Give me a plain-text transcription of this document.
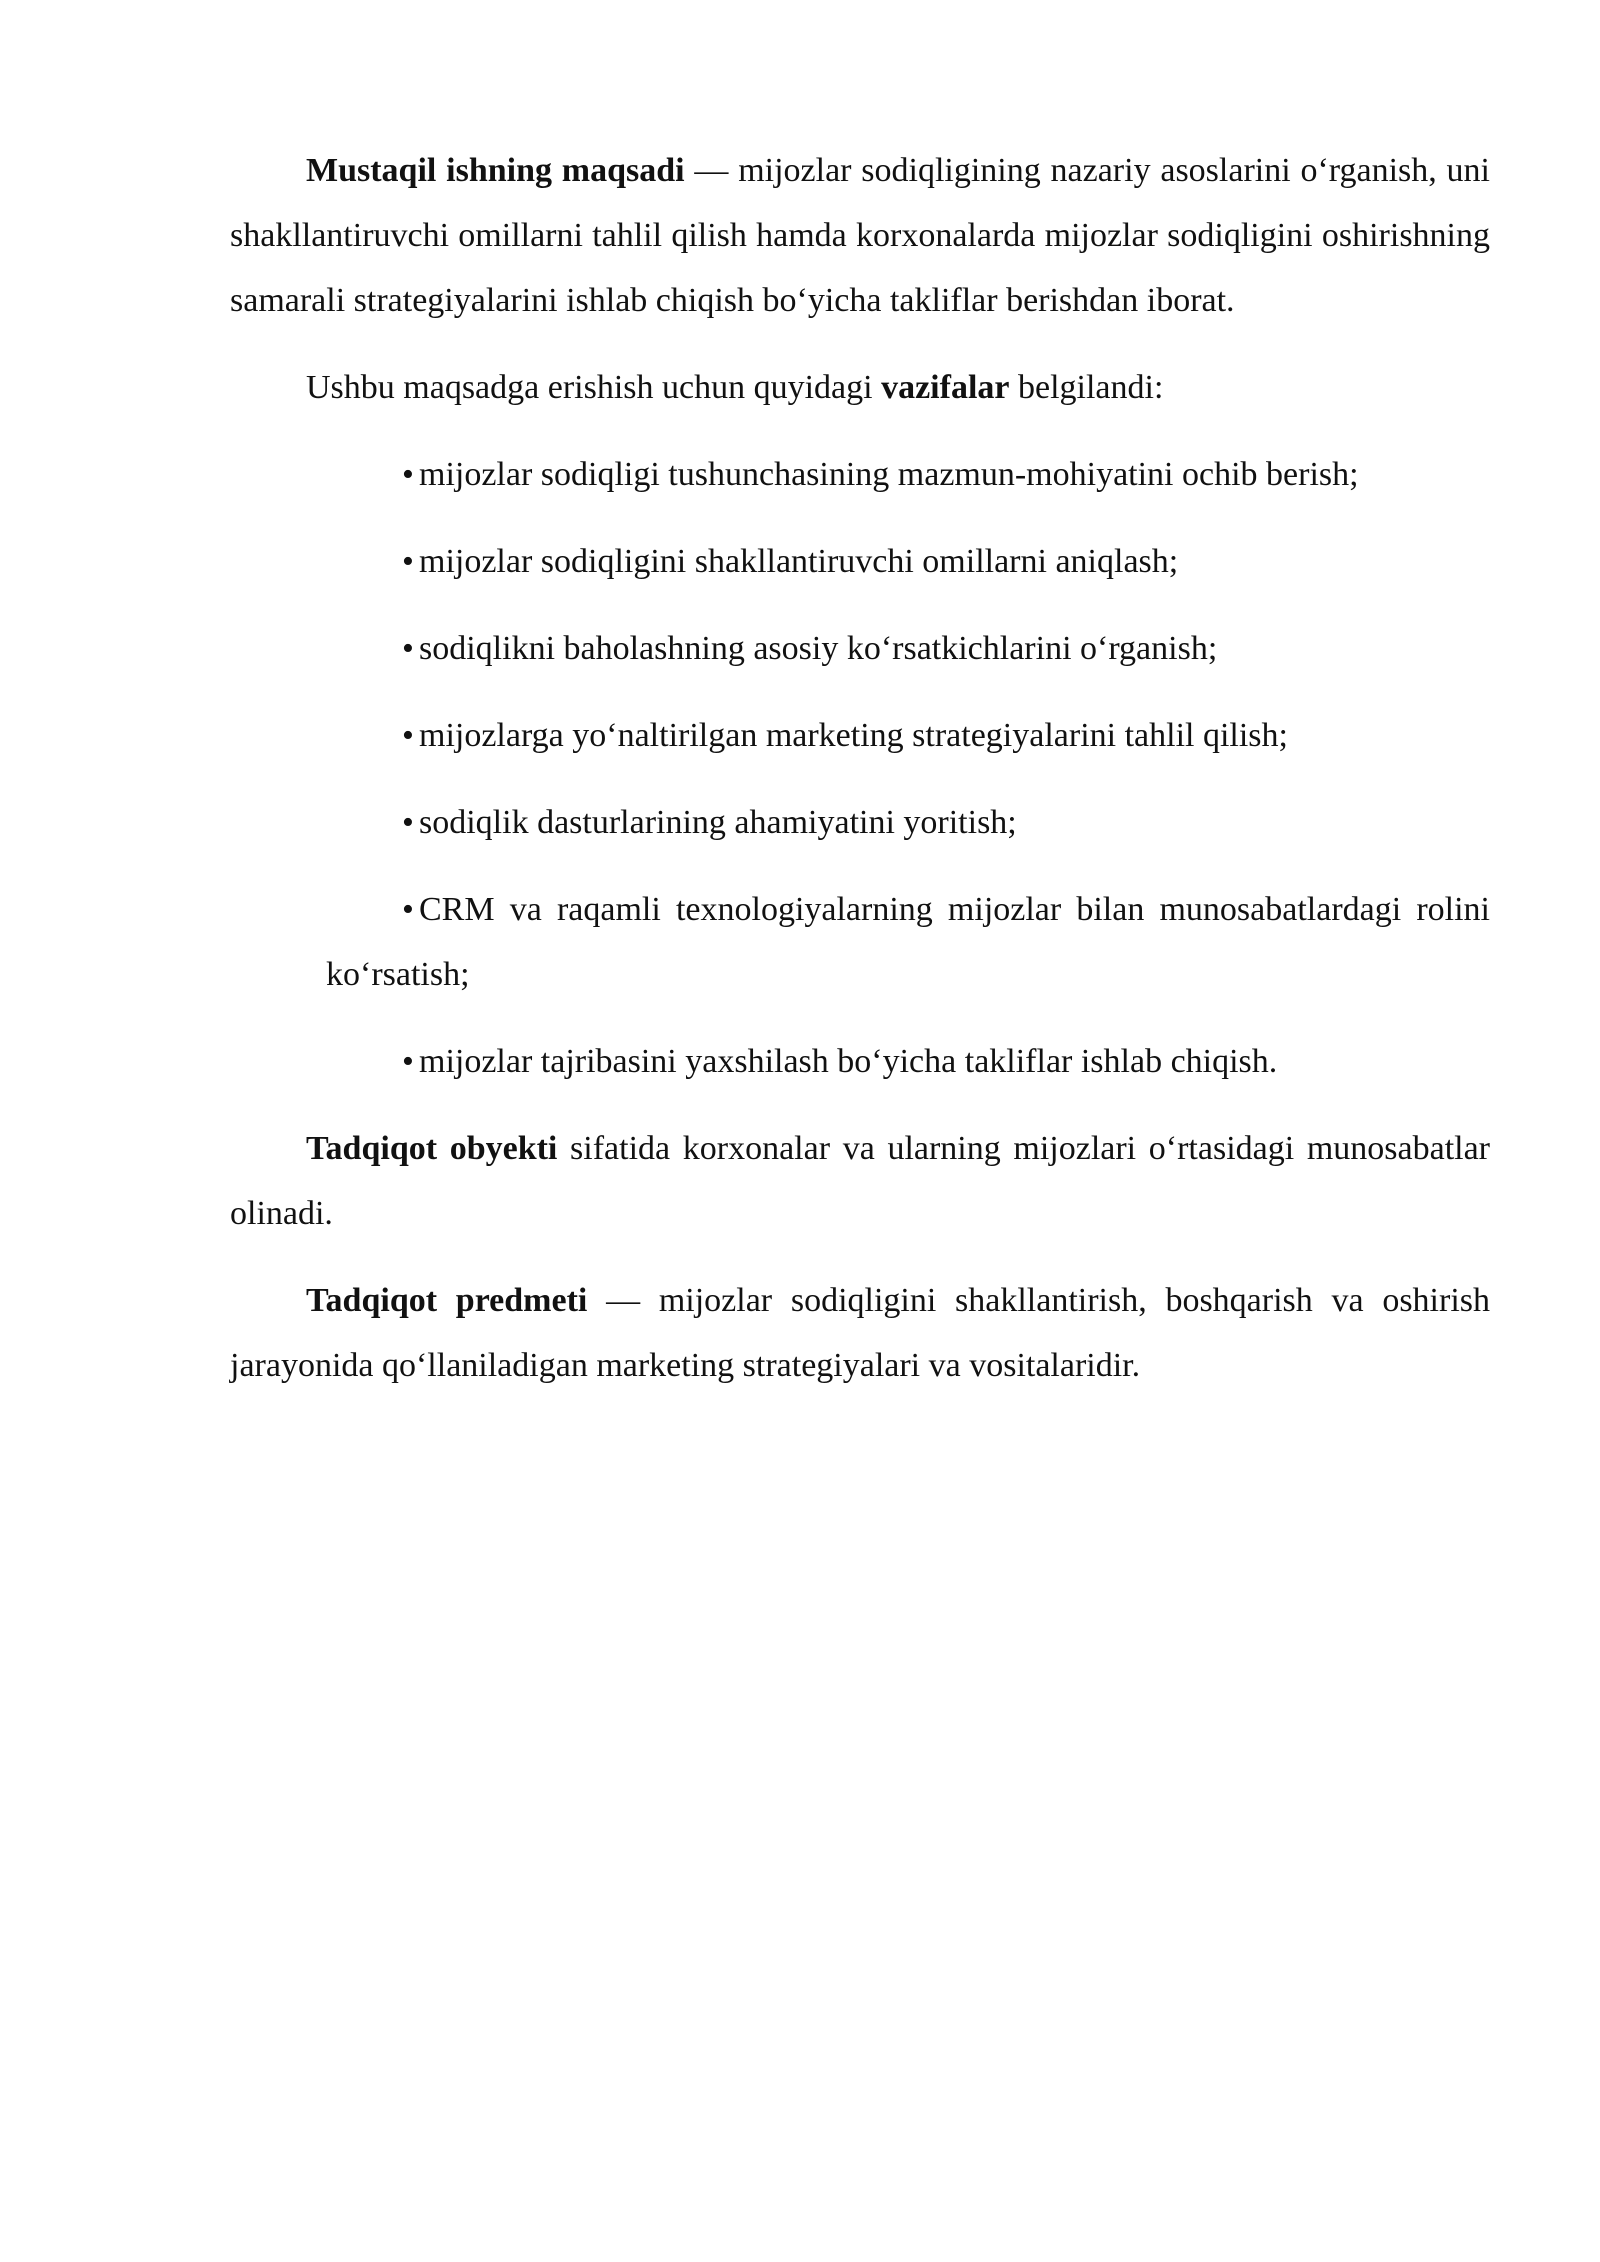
Mustaqil ishning maqsadi — mijozlar sodiqligining nazariy asoslarini o‘rganish, uni shakllantiruvchi omillarni tahlil qilish hamda korxonalarda mijozlar sodiqligini oshirishning samarali strategiyalarini ishlab chiqish bo‘yicha takliflar berishdan iborat.

Ushbu maqsadga erishish uchun quyidagi vazifalar belgilandi:

• mijozlar sodiqligi tushunchasining mazmun-mohiyatini ochib berish;
• mijozlar sodiqligini shakllantiruvchi omillarni aniqlash;
• sodiqlikni baholashning asosiy ko‘rsatkichlarini o‘rganish;
• mijozlarga yo‘naltirilgan marketing strategiyalarini tahlil qilish;
• sodiqlik dasturlarining ahamiyatini yoritish;
• CRM va raqamli texnologiyalarning mijozlar bilan munosabatlardagi rolini ko‘rsatish;
• mijozlar tajribasini yaxshilash bo‘yicha takliflar ishlab chiqish.

Tadqiqot obyekti sifatida korxonalar va ularning mijozlari o‘rtasidagi munosabatlar olinadi.

Tadqiqot predmeti — mijozlar sodiqligini shakllantirish, boshqarish va oshirish jarayonida qo‘llaniladigan marketing strategiyalari va vositalaridir.
